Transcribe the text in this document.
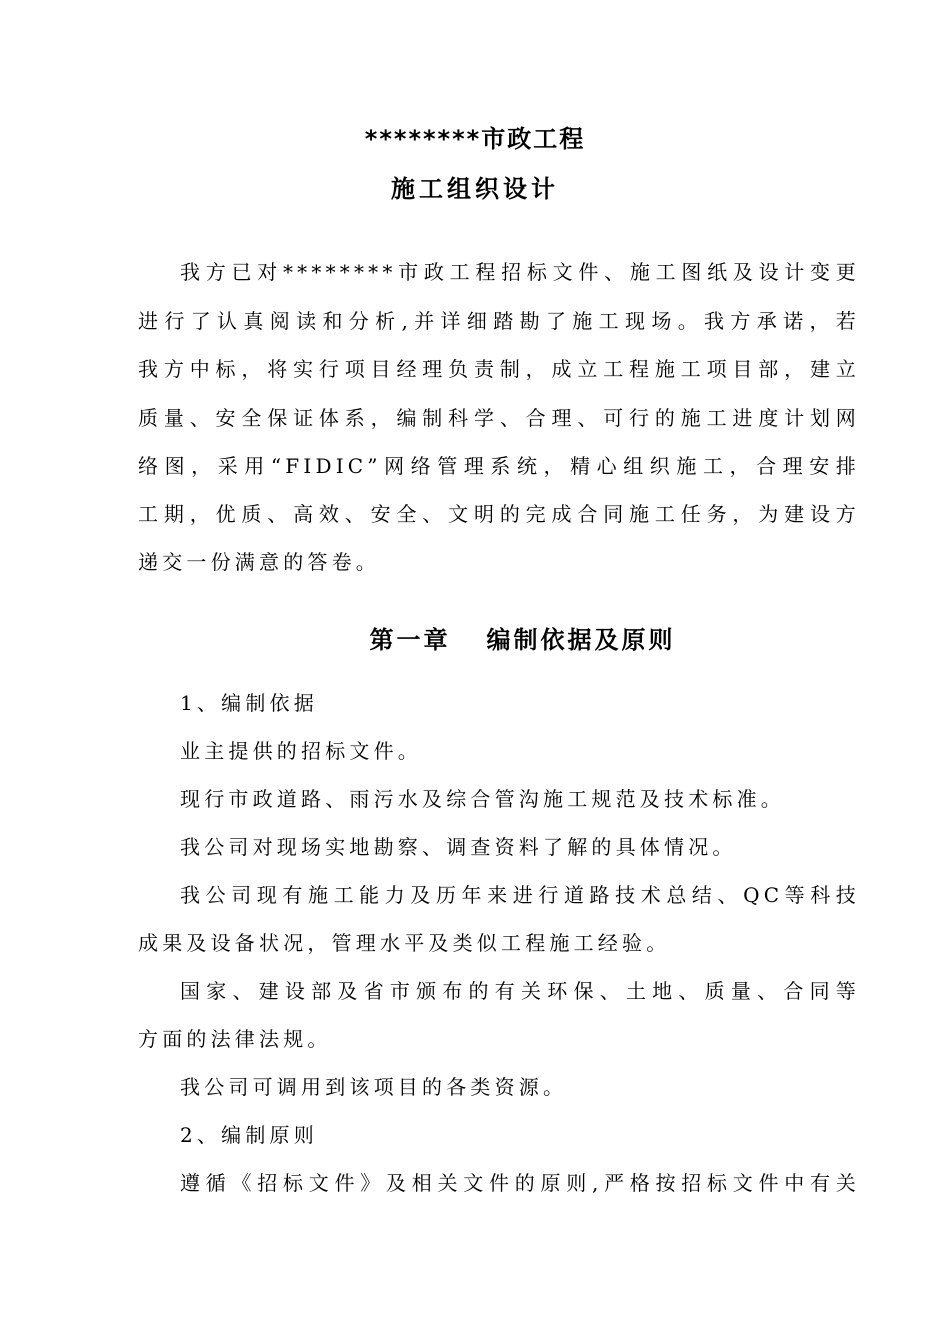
********市政工程
施工组织设计
我方已对********市政工程招标文件、施工图纸及设计变更
进行了认真阅读和分析,并详细踏勘了施工现场。我方承诺，若
我方中标，将实行项目经理负责制，成立工程施工项目部，建立
质量、安全保证体系，编制科学、合理、可行的施工进度计划网
络图，采用“FIDIC”网络管理系统，精心组织施工，合理安排
工期，优质、高效、安全、文明的完成合同施工任务，为建设方
递交一份满意的答卷。
第一章 编制依据及原则
1、编制依据
业主提供的招标文件。
现行市政道路、雨污水及综合管沟施工规范及技术标准。
我公司对现场实地勘察、调查资料了解的具体情况。
我公司现有施工能力及历年来进行道路技术总结、QC等科技
成果及设备状况，管理水平及类似工程施工经验。
国家、建设部及省市颁布的有关环保、土地、质量、合同等
方面的法律法规。
我公司可调用到该项目的各类资源。
2、编制原则
遵循《招标文件》及相关文件的原则,严格按招标文件中有关
